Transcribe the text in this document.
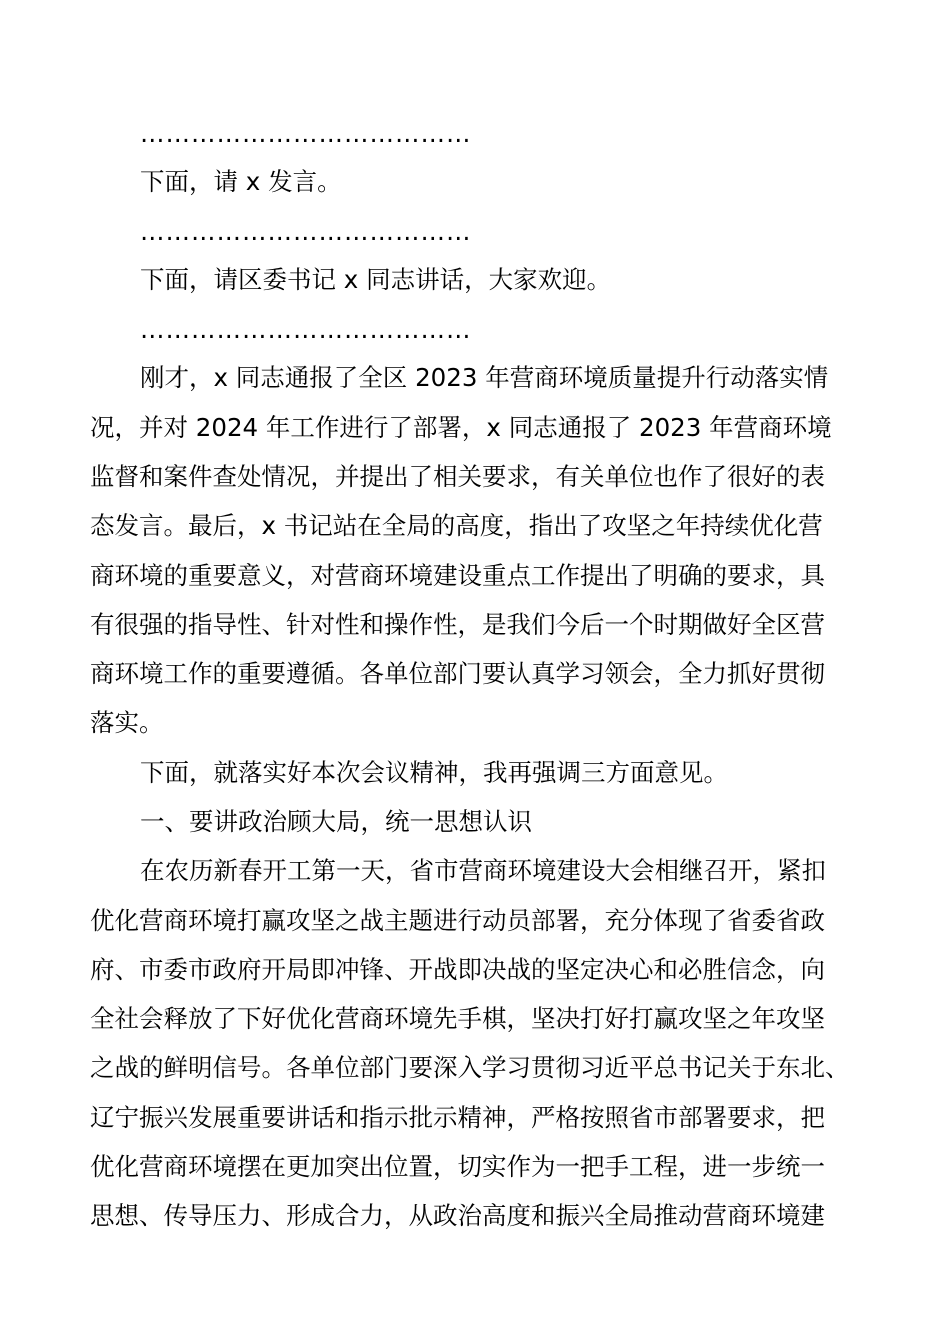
…………………………………
下面，请 x 发言。
…………………………………
下面，请区委书记 x 同志讲话，大家欢迎。
…………………………………
刚才，x 同志通报了全区 2023 年营商环境质量提升行动落实情
况，并对 2024 年工作进行了部署，x 同志通报了 2023 年营商环境
监督和案件查处情况，并提出了相关要求，有关单位也作了很好的表
态发言。最后，x 书记站在全局的高度，指出了攻坚之年持续优化营
商环境的重要意义，对营商环境建设重点工作提出了明确的要求，具
有很强的指导性、针对性和操作性，是我们今后一个时期做好全区营
商环境工作的重要遵循。各单位部门要认真学习领会，全力抓好贯彻
落实。
下面，就落实好本次会议精神，我再强调三方面意见。
一、要讲政治顾大局，统一思想认识
在农历新春开工第一天，省市营商环境建设大会相继召开，紧扣
优化营商环境打赢攻坚之战主题进行动员部署，充分体现了省委省政
府、市委市政府开局即冲锋、开战即决战的坚定决心和必胜信念，向
全社会释放了下好优化营商环境先手棋，坚决打好打赢攻坚之年攻坚
之战的鲜明信号。各单位部门要深入学习贯彻习近平总书记关于东北、
辽宁振兴发展重要讲话和指示批示精神，严格按照省市部署要求，把
优化营商环境摆在更加突出位置，切实作为一把手工程，进一步统一
思想、传导压力、形成合力，从政治高度和振兴全局推动营商环境建
